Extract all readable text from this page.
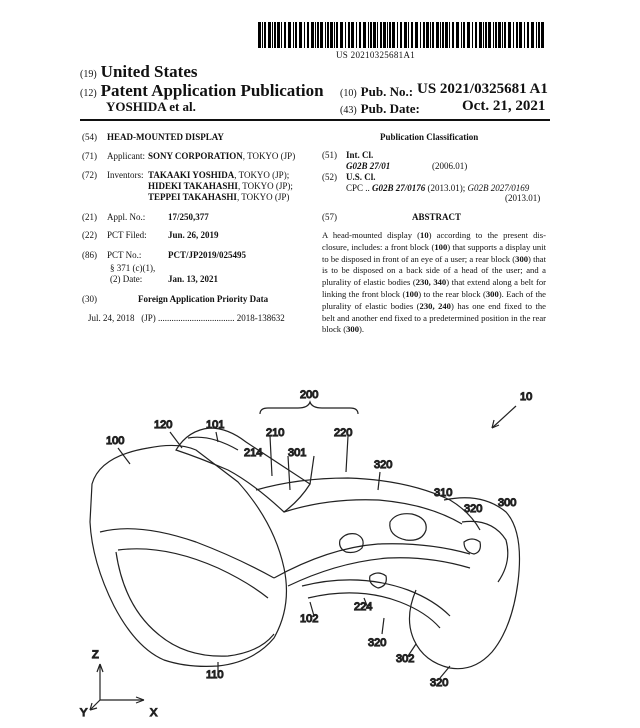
US 20210325681A1
(19) United States
(12) Patent Application Publication
YOSHIDA et al.
(10) Pub. No.: US 2021/0325681 A1
(43) Pub. Date:	Oct. 21, 2021
(54) HEAD-MOUNTED DISPLAY
(71) Applicant: SONY CORPORATION, TOKYO (JP)
(72) Inventors: TAKAAKI YOSHIDA, TOKYO (JP);
HIDEKI TAKAHASHI, TOKYO (JP);
TEPPEI TAKAHASHI, TOKYO (JP)
(21) Appl. No.:	17/250,377
(22) PCT Filed: Jun. 26, 2019
(86) PCT No.:	PCT/JP2019/025495
§ 371 (c)(1),
(2) Date:	Jan. 13, 2021
(30)	Foreign Application Priority Data
Jul. 24, 2018 (JP) .................................. 2018-138632
Publication Classification
(51) Int. Cl.
G02B 27/01	(2006.01)
(52) U.S. Cl.
CPC .. G02B 27/0176 (2013.01); G02B 2027/0169
(2013.01)
(57)	ABSTRACT
A head-mounted display (10) according to the present dis-closure, includes: a front block (100) that supports a display unit to be disposed in front of an eye of a user; a rear block (300) that is to be disposed on a back side of a head of the user; and a plurality of elastic bodies (230, 340) that extend along a belt for linking the front block (100) to the rear block (300). Each of the plurality of elastic bodies (230, 240) has one end fixed to the belt and another end fixed to a predetermined position in the rear block (300).
10
200
100
120	101
210	220
214 301
320
310
320 300
102
224
320
302
320
110
Z
Y	X
